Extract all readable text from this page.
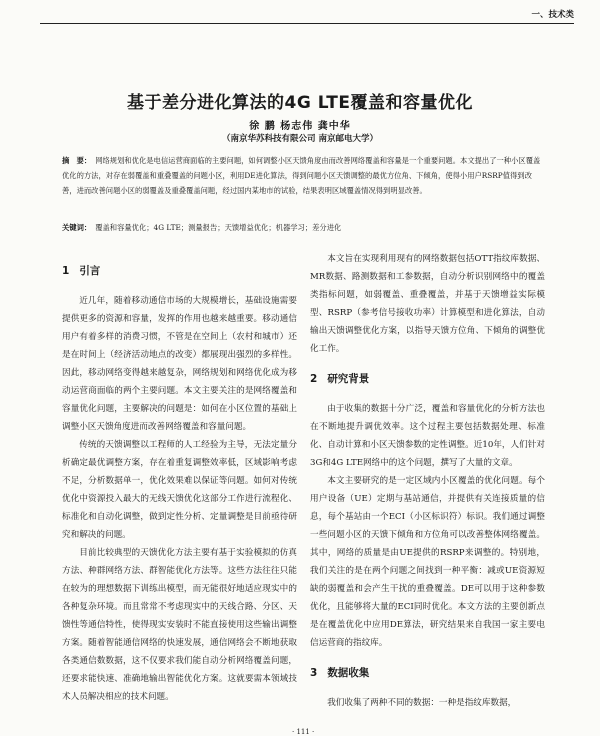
一、技术类
基于差分进化算法的4G LTE覆盖和容量优化
徐 鹏 杨志伟 龚中华
（南京华苏科技有限公司 南京邮电大学）
摘　要： 网络规划和优化是电信运营商面临的主要问题，如何调整小区天馈角度由而改善网络覆盖和容量是一个重要问题。本文提出了一种小区覆盖优化的方法，对存在弱覆盖和重叠覆盖的问题小区，利用DE进化算法，得到问题小区天馈调整的最优方位角、下倾角，使得小用户RSRP值得到改善，进而改善问题小区的弱覆盖及重叠覆盖问题，经过国内某地市的试验，结果表明区域覆盖情况得到明显改善。
关键词： 覆盖和容量优化；4G LTE；测量报告；天馈增益优化；机器学习；差分进化
1 引言

近几年，随着移动通信市场的大规模增长，基础设施需要提供更多的资源和容量，发挥的作用也越来越重要。移动通信用户有着多样的消费习惯，不管是在空间上（农村和城市）还是在时间上（经济活动地点的改变）都展现出强烈的多样性。因此，移动网络变得越来越复杂，网络规划和网络优化成为移动运营商面临的两个主要问题。本文主要关注的是网络覆盖和容量优化问题，主要解决的问题是：如何在小区位置的基础上调整小区天馈角度进而改善网络覆盖和容量问题。

传统的天馈调整以工程师的人工经验为主导，无法定量分析确定最优调整方案，存在着重复调整效率低，区域影响考虑不足，分析数据单一，优化效果难以保证等问题。如何对传统优化中资源投入最大的无线天馈优化这部分工作进行流程化、标准化和自动化调整，做到定性分析、定量调整是目前亟待研究和解决的问题。

目前比较典型的天馈优化方法主要有基于实验模拟的仿真方法、种群网络方法、群智能优化方法等。这些方法往往只能在较为的理想数据下训练出模型，而无能很好地适应现实中的各种复杂环境。而且常常不考虑现实中的天线合路、分区、天馈性等通信特性，使得现实安装时不能直接使用这些输出调整方案。随着智能通信网络的快速发展，通信网络会不断地获取各类通信数数据，这不仅要求我们能自动分析网络覆盖问题，还要求能快速、准确地输出智能优化方案。这就要需本领域技术人员解决相应的技术问题。

本文旨在实现利用现有的网络数据包括OTT指纹库数据、MR数据、路测数据和工参数据，自动分析识别网络中的覆盖类指标问题，如弱覆盖、重叠覆盖，并基于天馈增益实际模型、RSRP（参考信号接收功率）计算模型和进化算法，自动输出天馈调整优化方案，以指导天馈方位角、下倾角的调整优化工作。

2 研究背景

由于收集的数据十分广泛，覆盖和容量优化的分析方法也在不断地提升调优效率。这个过程主要包括数据处理、标准化、自动计算和小区天馈参数的定性调整。近10年，人们针对3G和4G LTE网络中的这个问题，撰写了大量的文章。

本文主要研究的是一定区域内小区覆盖的优化问题。每个用户设备（UE）定期与基站通信，并提供有关连接质量的信息，每个基站由一个ECI（小区标识符）标识。我们通过调整一些问题小区的天馈下倾角和方位角可以改善整体网络覆盖。其中，网络的质量是由UE提供的RSRP来调整的。特别地，我们关注的是在两个问题之间找到一种平衡：减或UE资源短缺的弱覆盖和会产生干扰的重叠覆盖。DE可以用于这种参数优化，且能够将大量的ECI同时优化。本文方法的主要创新点是在覆盖优化中应用DE算法，研究结果来自我国一家主要电信运营商的指纹库。

3 数据收集

我们收集了两种不同的数据：一种是指纹库数据，

· 111 ·
